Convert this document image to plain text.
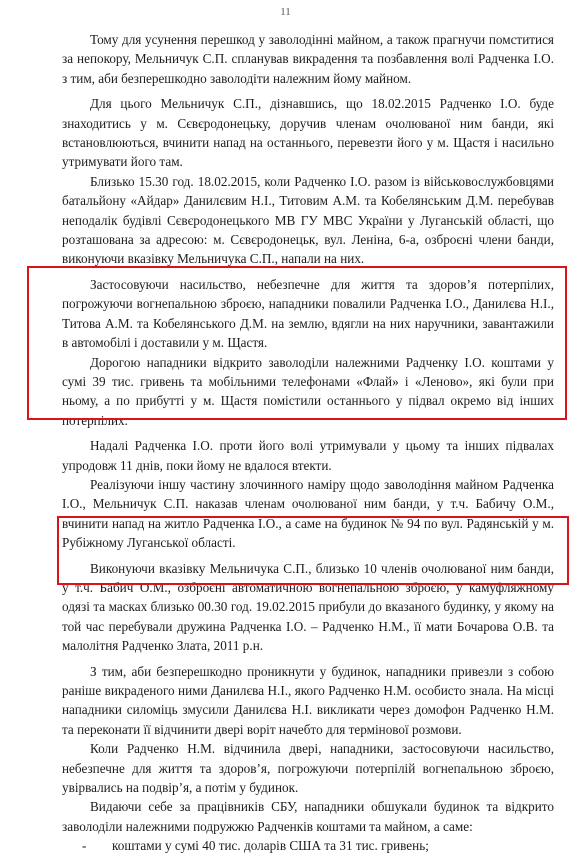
11

Тому для усунення перешкод у заволодінні майном, а також прагнучи помститися за непокору, Мельничук С.П. спланував викрадення та позбавлення волі Радченка І.О. з тим, аби безперешкодно заволодіти належним йому майном.

Для цього Мельничук С.П., дізнавшись, що 18.02.2015 Радченко І.О. буде знаходитись у м. Сєвєродонецьку, доручив членам очолюваної ним банди, які встановлюються, вчинити напад на останнього, перевезти його у м. Щастя і насильно утримувати його там.

Близько 15.30 год. 18.02.2015, коли Радченко І.О. разом із військовослужбовцями батальйону «Айдар» Данилєвим Н.І., Титовим А.М. та Кобелянським Д.М. перебував неподалік будівлі Сєвєродонецького МВ ГУ МВС України у Луганській області, що розташована за адресою: м. Сєвєродонецьк, вул. Леніна, 6-а, озброєні члени банди, виконуючи вказівку Мельничука С.П., напали на них.

Застосовуючи насильство, небезпечне для життя та здоров’я потерпілих, погрожуючи вогнепальною зброєю, нападники повалили Радченка І.О., Данилєва Н.І., Титова А.М. та Кобелянського Д.М. на землю, вдягли на них наручники, завантажили в автомобілі і доставили у м. Щастя.

Дорогою нападники відкрито заволоділи належними Радченку І.О. коштами у сумі 39 тис. гривень та мобільними телефонами «Флай» і «Леново», які були при ньому, а по прибутті у м. Щастя помістили останнього у підвал окремо від інших потерпілих.

Надалі Радченка І.О. проти його волі утримували у цьому та інших підвалах упродовж 11 днів, поки йому не вдалося втекти.

Реалізуючи іншу частину злочинного наміру щодо заволодіння майном Радченка І.О., Мельничук С.П. наказав членам очолюваної ним банди, у т.ч. Бабичу О.М., вчинити напад на житло Радченка І.О., а саме на будинок № 94 по вул. Радянській у м. Рубіжному Луганської області.

Виконуючи вказівку Мельничука С.П., близько 10 членів очолюваної ним банди, у т.ч. Бабич О.М., озброєні автоматичною вогнепальною зброєю, у камуфляжному одязі та масках близько 00.30 год. 19.02.2015 прибули до вказаного будинку, у якому на той час перебували дружина Радченка І.О. – Радченко Н.М., її мати Бочарова О.В. та малолітня Радченко Злата, 2011 р.н.

З тим, аби безперешкодно проникнути у будинок, нападники привезли з собою раніше викраденого ними Данилєва Н.І., якого Радченко Н.М. особисто знала. На місці нападники силоміць змусили Данилєва Н.І. викликати через домофон Радченко Н.М. та переконати її відчинити двері воріт начебто для термінової розмови.

Коли Радченко Н.М. відчинила двері, нападники, застосовуючи насильство, небезпечне для життя та здоров’я, погрожуючи потерпілій вогнепальною зброєю, увірвались на подвір’я, а потім у будинок.

Видаючи себе за працівників СБУ, нападники обшукали будинок та відкрито заволоділи належними подружжю Радченків коштами та майном, а саме:

- коштами у сумі 40 тис. доларів США та 31 тис. гривень;
